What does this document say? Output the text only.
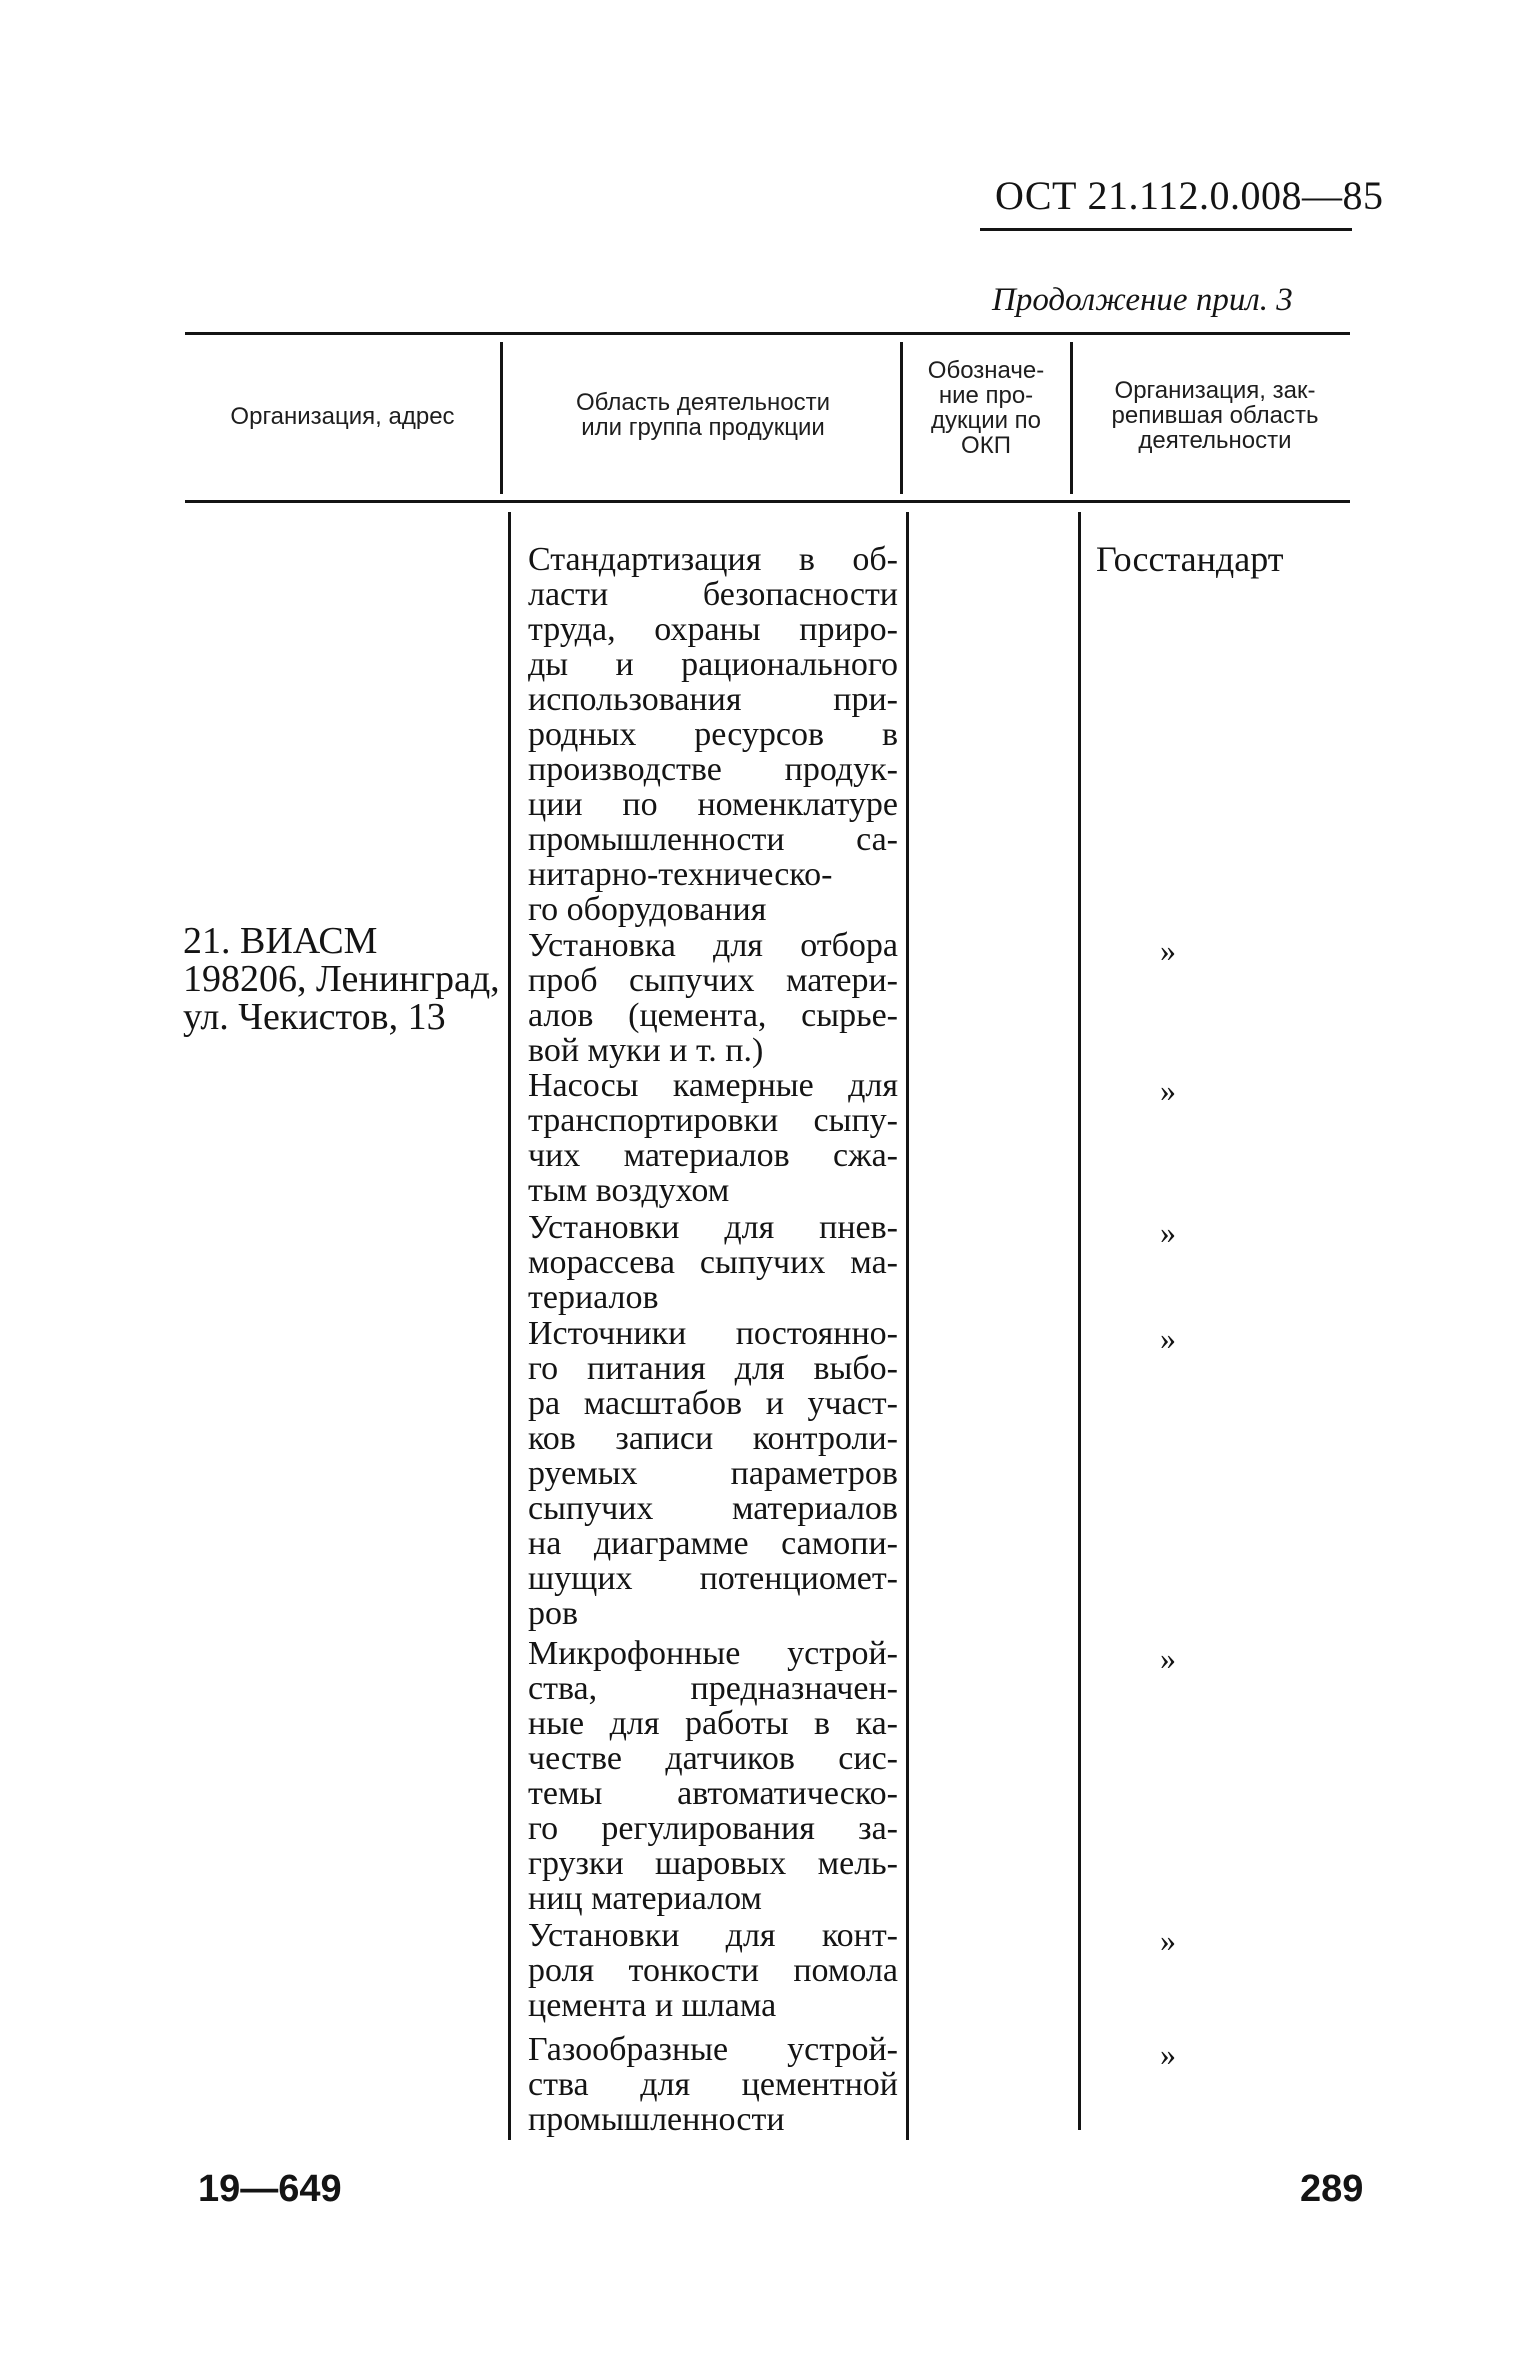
ОСТ 21.112.0.008—85
Продолжение прил. 3
Организация, адрес
Область деятельности
или группа продукции
Обозначе-
ние про-
дукции по
ОКП
Организация, зак-
репившая область
деятельности
21. ВИАСМ
198206, Ленинград,
ул. Чекистов, 13
Стандартизация в об-
ласти безопасности
труда, охраны приро-
ды и рационального
использования при-
родных ресурсов в
производстве продук-
ции по номенклатуре
промышленности са-
нитарно-техническо-
го оборудования
Госстандарт
Установка для отбора
проб сыпучих матери-
алов (цемента, сырье-
вой муки и т. п.)
»
Насосы камерные для
транспортировки сыпу-
чих материалов сжа-
тым воздухом
»
Установки для пнев-
морассева сыпучих ма-
териалов
»
Источники постоянно-
го питания для выбо-
ра масштабов и участ-
ков записи контроли-
руемых параметров
сыпучих материалов
на диаграмме самопи-
шущих потенциомет-
ров
»
Микрофонные устрой-
ства, предназначен-
ные для работы в ка-
честве датчиков сис-
темы автоматическо-
го регулирования за-
грузки шаровых мель-
ниц материалом
»
Установки для конт-
роля тонкости помола
цемента и шлама
»
Газообразные устрой-
ства для цементной
промышленности
»
19—649	289
